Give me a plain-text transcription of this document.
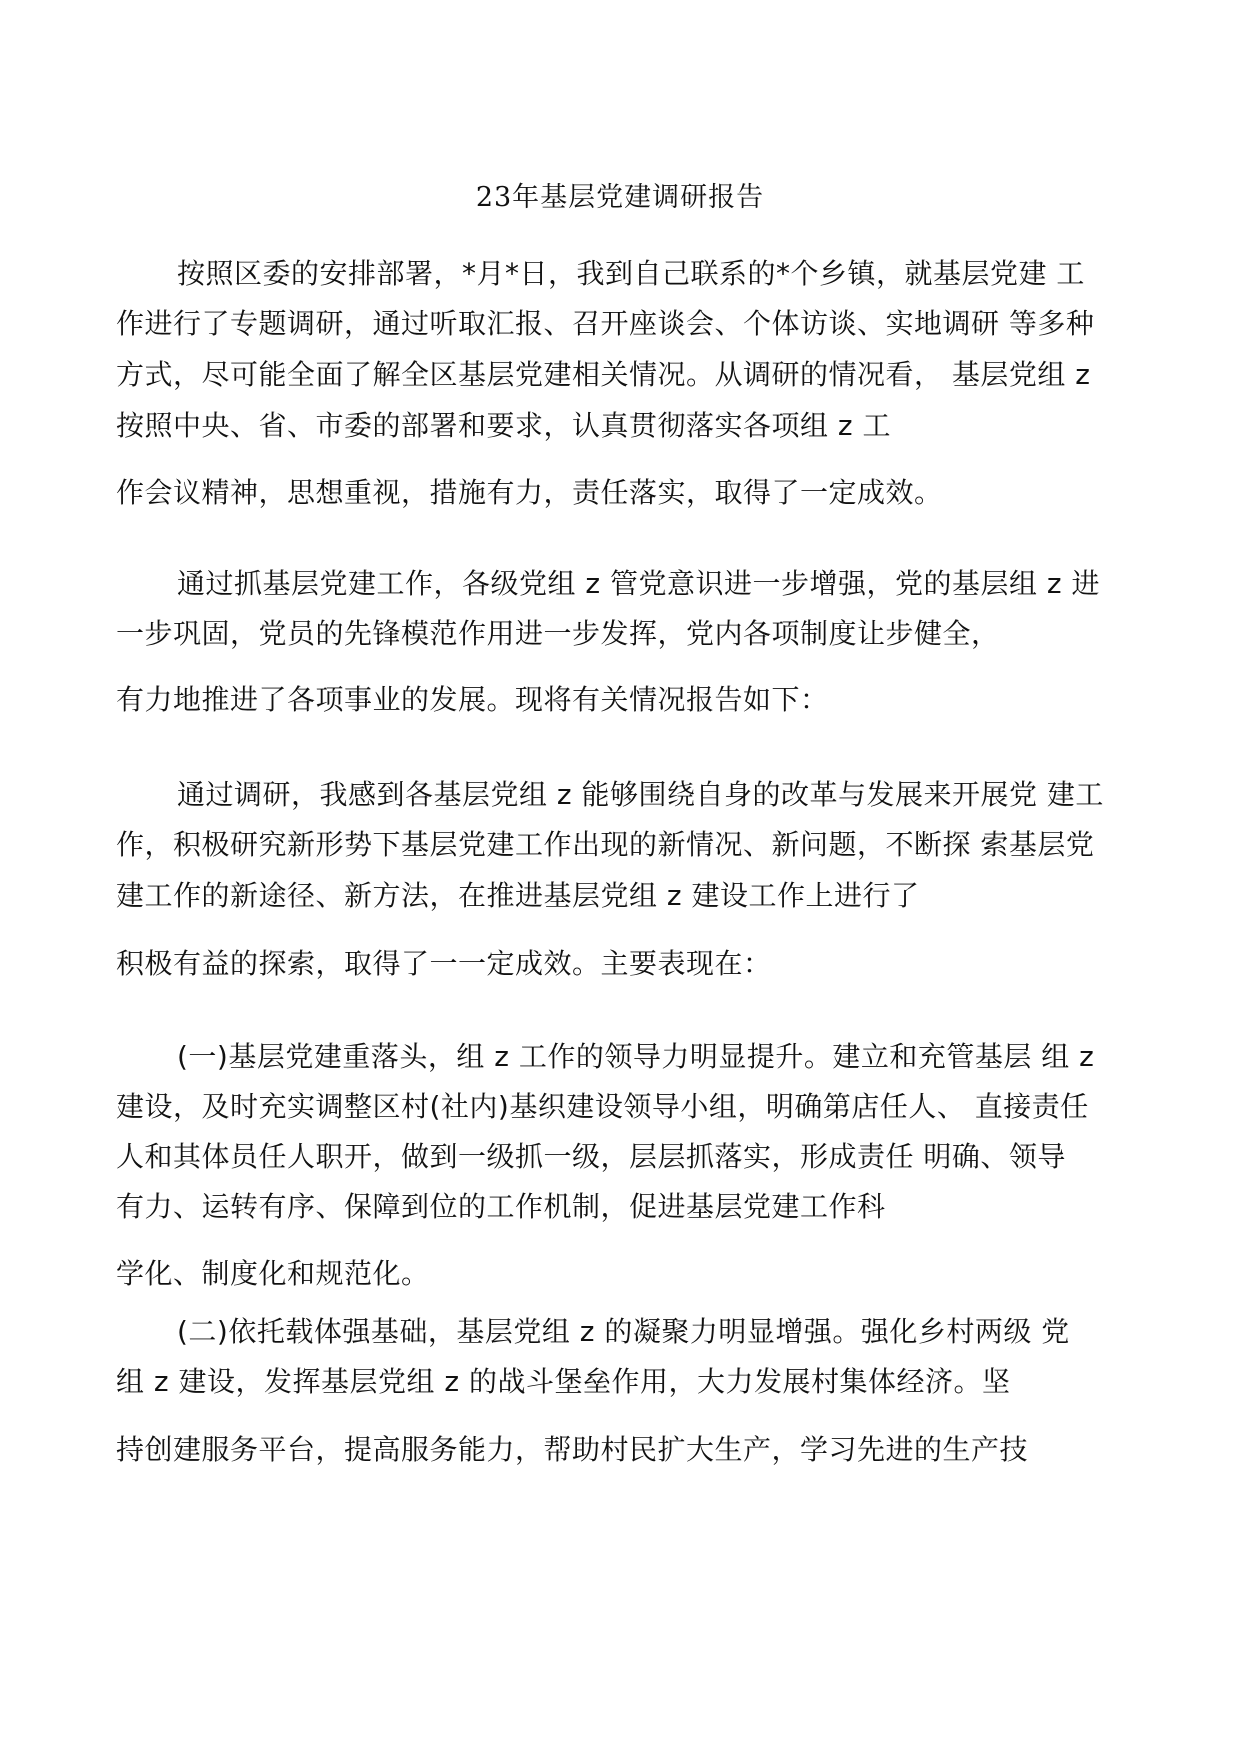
23年基层党建调研报告
按照区委的安排部署，*月*日，我到自己联系的*个乡镇，就基层党建 工
作进行了专题调研，通过听取汇报、召开座谈会、个体访谈、实地调研 等多种
方式，尽可能全面了解全区基层党建相关情况。从调研的情况看， 基层党组 z
按照中央、省、市委的部署和要求，认真贯彻落实各项组 z 工
作会议精神，思想重视，措施有力，责任落实，取得了一定成效。
通过抓基层党建工作，各级党组 z 管党意识进一步增强，党的基层组 z 进
一步巩固，党员的先锋模范作用进一步发挥，党内各项制度让步健全，
有力地推进了各项事业的发展。现将有关情况报告如下：
通过调研，我感到各基层党组 z 能够围绕自身的改革与发展来开展党 建工
作，积极研究新形势下基层党建工作出现的新情况、新问题，不断探 索基层党
建工作的新途径、新方法，在推进基层党组 z 建设工作上进行了
积极有益的探索，取得了一一定成效。主要表现在：
(一)基层党建重落头，组 z 工作的领导力明显提升。建立和充管基层 组 z
建设，及时充实调整区村(社内)基织建设领导小组，明确第店任人、 直接责任
人和其体员任人职开，做到一级抓一级，层层抓落实，形成责任 明确、领导
有力、运转有序、保障到位的工作机制，促进基层党建工作科
学化、制度化和规范化。
(二)依托载体强基础，基层党组 z 的凝聚力明显增强。强化乡村两级 党
组 z 建设，发挥基层党组 z 的战斗堡垒作用，大力发展村集体经济。坚
持创建服务平台，提高服务能力，帮助村民扩大生产，学习先进的生产技
